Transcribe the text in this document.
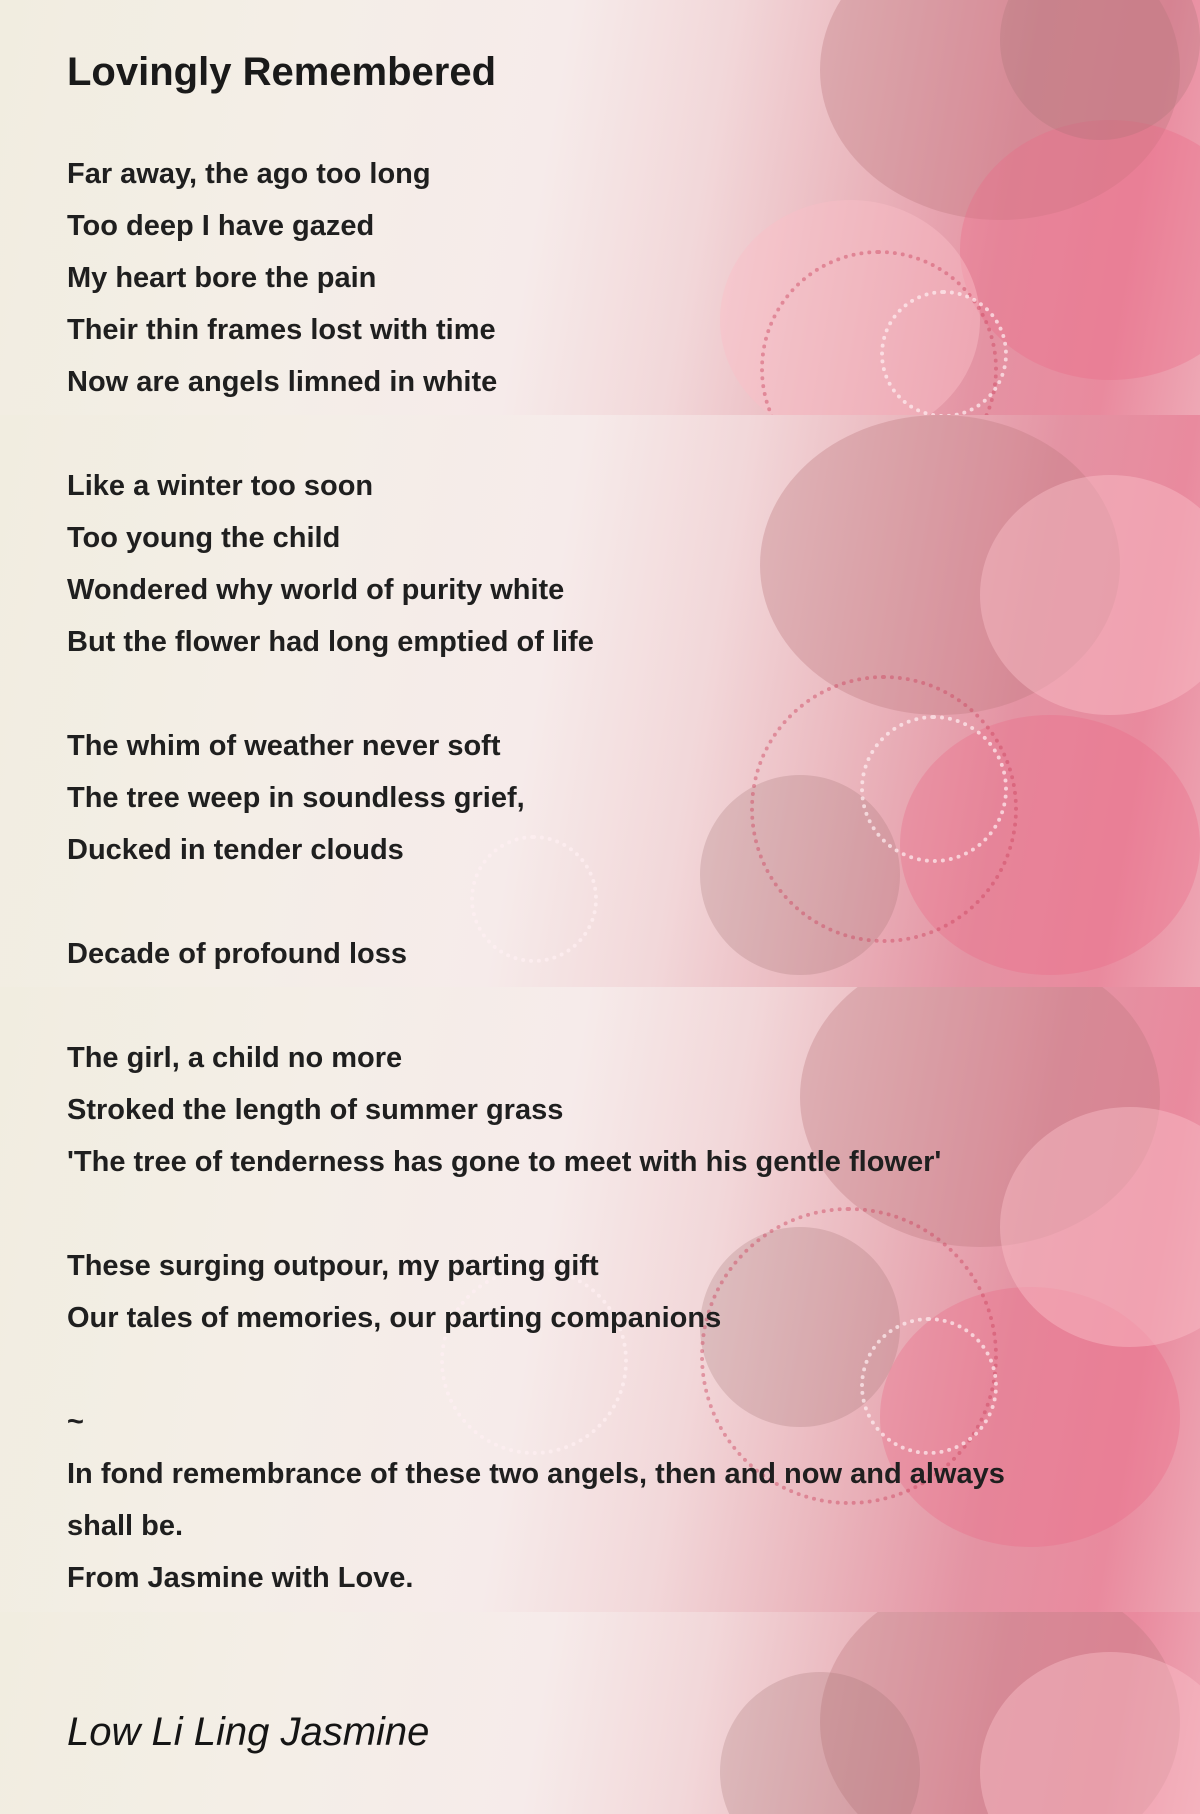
Lovingly Remembered
Far away, the ago too long
Too deep I have gazed
My heart bore the pain
Their thin frames lost with time
Now are angels limned in white
Like a winter too soon
Too young the child
Wondered why world of purity white
But the flower had long emptied of life
The whim of weather never soft
The tree weep in soundless grief,
Ducked in tender clouds
Decade of profound loss
The girl, a child no more
Stroked the length of summer grass
'The tree of tenderness has gone to meet with his gentle flower'
These surging outpour, my parting gift
Our tales of memories, our parting companions
~
In fond remembrance of these two angels, then and now and always
shall be.
From Jasmine with Love.

Low Li Ling Jasmine
